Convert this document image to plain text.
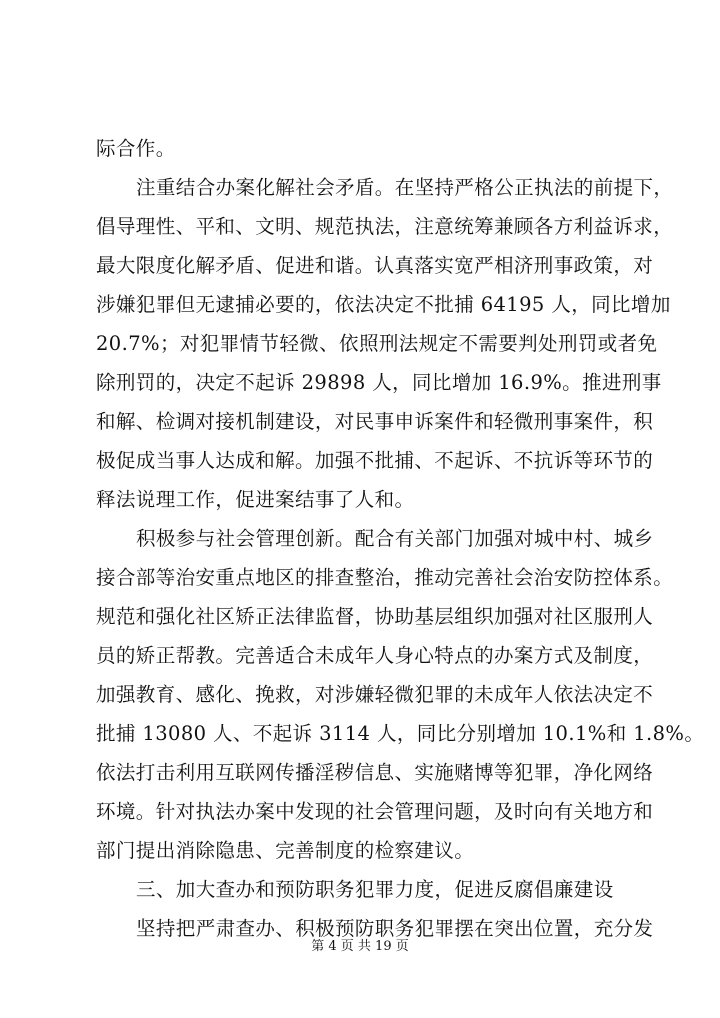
际合作。
注重结合办案化解社会矛盾。在坚持严格公正执法的前提下，
倡导理性、平和、文明、规范执法，注意统筹兼顾各方利益诉求，
最大限度化解矛盾、促进和谐。认真落实宽严相济刑事政策，对
涉嫌犯罪但无逮捕必要的，依法决定不批捕 64195 人，同比增加
20.7%；对犯罪情节轻微、依照刑法规定不需要判处刑罚或者免
除刑罚的，决定不起诉 29898 人，同比增加 16.9%。推进刑事
和解、检调对接机制建设，对民事申诉案件和轻微刑事案件，积
极促成当事人达成和解。加强不批捕、不起诉、不抗诉等环节的
释法说理工作，促进案结事了人和。
积极参与社会管理创新。配合有关部门加强对城中村、城乡
接合部等治安重点地区的排查整治，推动完善社会治安防控体系。
规范和强化社区矫正法律监督，协助基层组织加强对社区服刑人
员的矫正帮教。完善适合未成年人身心特点的办案方式及制度，
加强教育、感化、挽救，对涉嫌轻微犯罪的未成年人依法决定不
批捕 13080 人、不起诉 3114 人，同比分别增加 10.1%和 1.8%。
依法打击利用互联网传播淫秽信息、实施赌博等犯罪，净化网络
环境。针对执法办案中发现的社会管理问题，及时向有关地方和
部门提出消除隐患、完善制度的检察建议。
三、加大查办和预防职务犯罪力度，促进反腐倡廉建设
坚持把严肃查办、积极预防职务犯罪摆在突出位置，充分发
第 4 页 共 19 页
